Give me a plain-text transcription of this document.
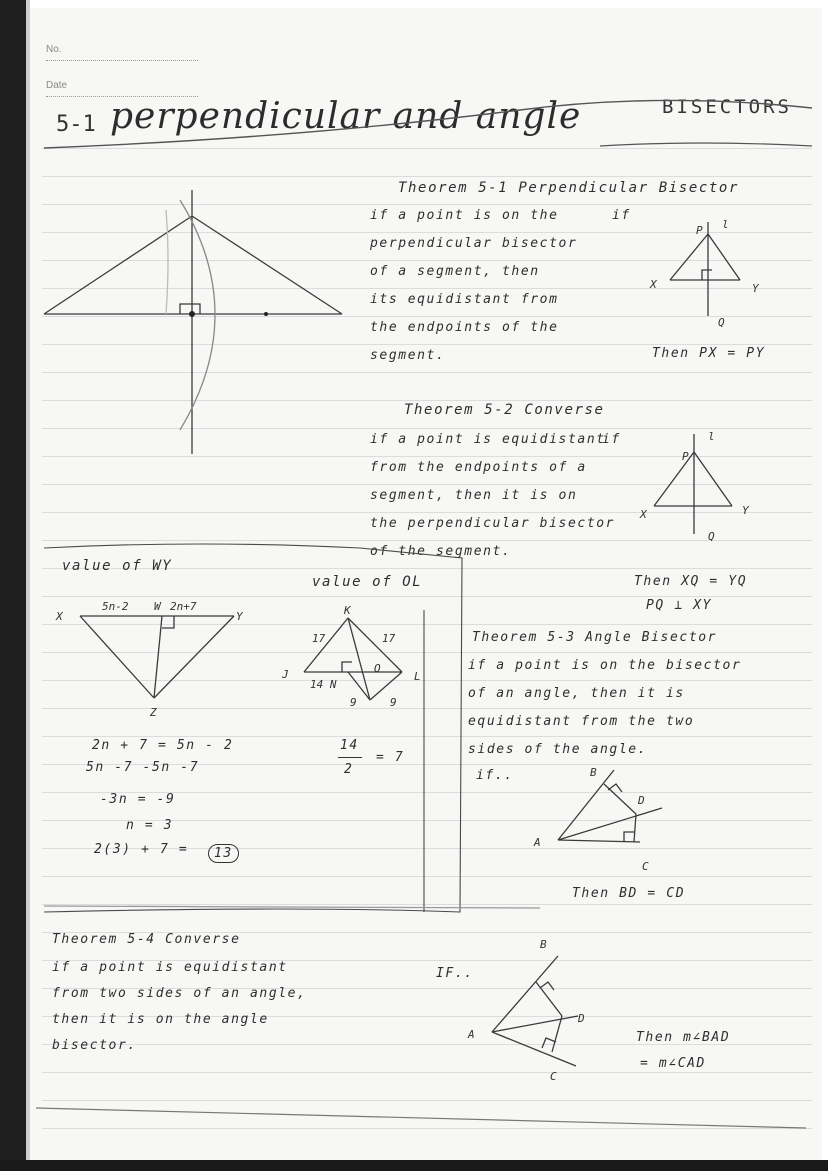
No.
Date
5-1 perpendicular and angle	BISECTORS
Theorem 5-1 Perpendicular Bisector
if a point is on the
perpendicular bisector
of a segment, then
its equidistant from
the endpoints of the
segment.
if
Then PX = PY
P l
X	Y
Q
Theorem 5-2 Converse
if a point is equidistant
from the endpoints of a
segment, then it is on
the perpendicular bisector
of the segment.
if
Then XQ = YQ
PQ ⊥ XY
P
l
X	Y
Q
value of WY
X
5n-2 W 2n+7
Y
Z
2n + 7 = 5n - 2
5n -7 -5n -7
-3n = -9
n = 3
2(3) + 7 =	13
value of OL
K
17	17
J	L
14 N
O
9	9
14
2
= 7
Theorem 5-3 Angle Bisector
if a point is on the bisector
of an angle, then it is
equidistant from the two
sides of the angle.
if..
Then BD = CD
B
D
A
C
Theorem 5-4 Converse
if a point is equidistant
from two sides of an angle,
then it is on the angle
bisector.
IF..
Then m∠BAD
= m∠CAD
B
D
A
C
